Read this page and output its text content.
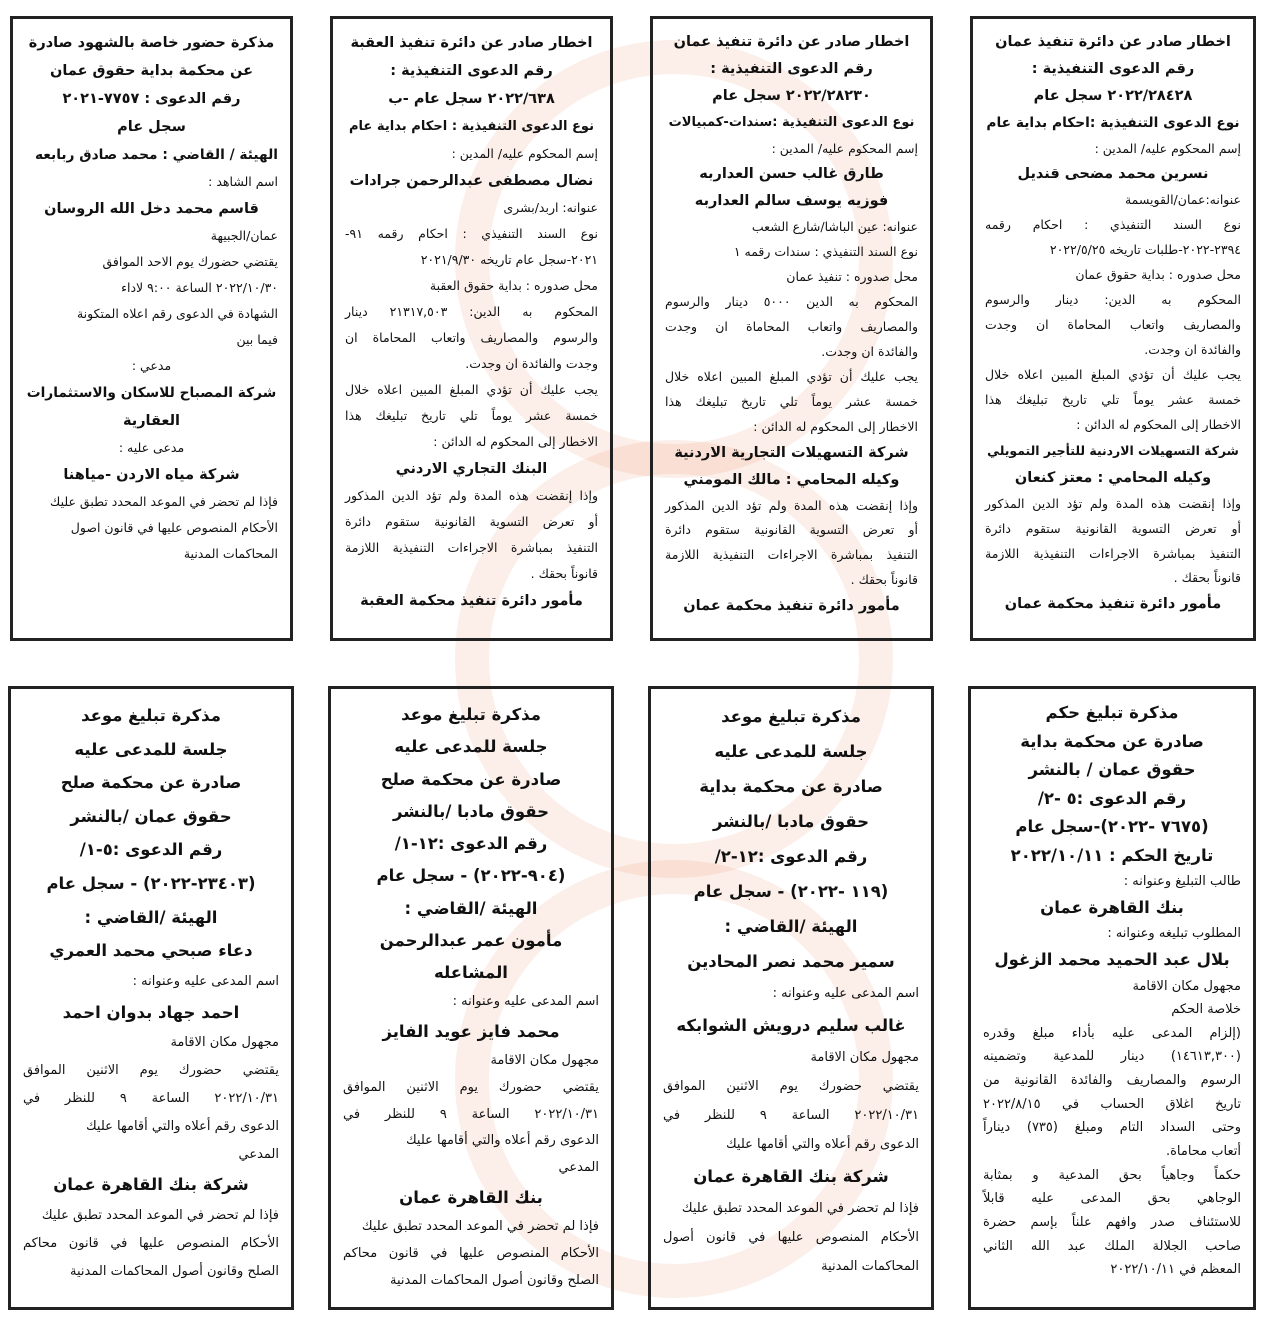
اخطار صادر عن دائرة تنفيذ عمان

رقم الدعوى التنفيذية :

٢٠٢٢/٢٨٤٢٨ سجل عام

نوع الدعوى التنفيذية :احكام بداية عام

إسم المحكوم عليه/ المدين :

نسرين محمد مضحى قنديل

عنوانه:عمان/القويسمة

نوع السند التنفيذي : احكام رقمه

٢٣٩٤-٢٠٢٢-طلبات تاريخه ٢٠٢٢/٥/٢٥

محل صدوره : بداية حقوق عمان

المحكوم به الدين: دينار والرسوم

والمصاريف واتعاب المحاماة ان وجدت

والفائدة ان وجدت.

يجب عليك أن تؤدي المبلغ المبين اعلاه خلال

خمسة عشر يوماً تلي تاريخ تبليغك هذا

الاخطار إلى المحكوم له الدائن :

شركة التسهيلات الاردنية للتأجير التمويلي

وكيله المحامي : معتز كنعان

وإذا إنقضت هذه المدة ولم تؤد الدين المذكور

أو تعرض التسوية القانونية ستقوم دائرة

التنفيذ بمباشرة الاجراءات التنفيذية اللازمة

قانوناً بحقك .

مأمور دائرة تنفيذ محكمة عمان

اخطار صادر عن دائرة تنفيذ عمان

رقم الدعوى التنفيذية :

٢٠٢٢/٢٨٢٣٠ سجل عام

نوع الدعوى التنفيذية :سندات-كمبيالات

إسم المحكوم عليه/ المدين :

طارق غالب حسن العداربه

فوزيه يوسف سالم العداربه

عنوانه: عين الباشا/شارع الشعب

نوع السند التنفيذي : سندات رقمه ١

محل صدوره : تنفيذ عمان

المحكوم به الدين ٥٠٠٠ دينار والرسوم

والمصاريف واتعاب المحاماة ان وجدت

والفائدة ان وجدت.

يجب عليك أن تؤدي المبلغ المبين اعلاه خلال

خمسة عشر يوماً تلي تاريخ تبليغك هذا

الاخطار إلى المحكوم له الدائن :

شركة التسهيلات التجارية الاردنية

وكيله المحامي : مالك المومني

وإذا إنقضت هذه المدة ولم تؤد الدين المذكور

أو تعرض التسوية القانونية ستقوم دائرة

التنفيذ بمباشرة الاجراءات التنفيذية اللازمة

قانوناً بحقك .

مأمور دائرة تنفيذ محكمة عمان

اخطار صادر عن دائرة تنفيذ العقبة

رقم الدعوى التنفيذية :

٢٠٢٢/٦٣٨ سجل عام -ب

نوع الدعوى التنفيذية : احكام بداية عام

إسم المحكوم عليه/ المدين :

نضال مصطفى عبدالرحمن جرادات

عنوانه: اربد/بشرى

نوع السند التنفيذي : احكام رقمه ٩١-

٢٠٢١-سجل عام تاريخه ٢٠٢١/٩/٣٠

محل صدوره : بداية حقوق العقبة

المحكوم به الدين: ٢١٣١٧,٥٠٣ دينار

والرسوم والمصاريف واتعاب المحاماة ان

وجدت والفائدة ان وجدت.

يجب عليك أن تؤدي المبلغ المبين اعلاه خلال

خمسة عشر يوماً تلي تاريخ تبليغك هذا

الاخطار إلى المحكوم له الدائن :

البنك التجاري الاردني

وإذا إنقضت هذه المدة ولم تؤد الدين المذكور

أو تعرض التسوية القانونية ستقوم دائرة

التنفيذ بمباشرة الاجراءات التنفيذية اللازمة

قانوناً بحقك .

مأمور دائرة تنفيذ محكمة العقبة

مذكرة حضور خاصة بالشهود صادرة

عن محكمة بداية حقوق عمان

رقم الدعوى : ٧٧٥٧-٢٠٢١

سجل عام

الهيئة / القاضي : محمد صادق ربابعه

اسم الشاهد :

قاسم محمد دخل الله الروسان

عمان/الجبيهة

يقتضي حضورك يوم الاحد الموافق

٢٠٢٢/١٠/٣٠ الساعة ٩:٠٠ لاداء

الشهادة في الدعوى رقم اعلاه المتكونة

فيما بين

مدعي :

شركة المصباح للاسكان والاستثمارات

العقارية

مدعى عليه :

شركة مياه الاردن -مياهنا

فإذا لم تحضر في الموعد المحدد تطبق عليك

الأحكام المنصوص عليها في قانون اصول

المحاكمات المدنية

مذكرة تبليغ حكم

صادرة عن محكمة بداية

حقوق عمان / بالنشر

رقم الدعوى :٥ -٢/

(٧٦٧٥ -٢٠٢٢)-سجل عام

تاريخ الحكم : ٢٠٢٢/١٠/١١

طالب التبليغ وعنوانه :

بنك القاهرة عمان

المطلوب تبليغه وعنوانه :

بلال عبد الحميد محمد الزغول

مجهول مكان الاقامة

خلاصة الحكم

(إلزام المدعى عليه بأداء مبلغ وقدره

(١٤٦١٣,٣٠٠) دينار للمدعية وتضمينه

الرسوم والمصاريف والفائدة القانونية من

تاريخ اغلاق الحساب في ٢٠٢٢/٨/١٥

وحتى السداد التام ومبلغ (٧٣٥) ديناراً

أتعاب محاماة.

حكماً وجاهياً بحق المدعية و بمثابة

الوجاهي بحق المدعى عليه قابلاً

للاستئناف صدر وافهم علناً بإسم حضرة

صاحب الجلالة الملك عبد الله الثاني

المعظم في ٢٠٢٢/١٠/١١

مذكرة تبليغ موعد

جلسة للمدعى عليه

صادرة عن محكمة بداية

حقوق مادبا /بالنشر

رقم الدعوى :١٢-٢/

(١١٩ -٢٠٢٢) - سجل عام

الهيئة /القاضي :

سمير محمد نصر المحادين

اسم المدعى عليه وعنوانه :

غالب سليم درويش الشوابكه

مجهول مكان الاقامة

يقتضي حضورك يوم الاثنين الموافق

٢٠٢٢/١٠/٣١ الساعة ٩ للنظر في

الدعوى رقم أعلاه والتي أقامها عليك

شركة بنك القاهرة عمان

فإذا لم تحضر في الموعد المحدد تطبق عليك

الأحكام المنصوص عليها في قانون أصول

المحاكمات المدنية

مذكرة تبليغ موعد

جلسة للمدعى عليه

صادرة عن محكمة صلح

حقوق مادبا /بالنشر

رقم الدعوى :١٢-١/

(٩٠٤-٢٠٢٢) - سجل عام

الهيئة /القاضي :

مأمون عمر عبدالرحمن

المشاعله

اسم المدعى عليه وعنوانه :

محمد فايز عويد الفايز

مجهول مكان الاقامة

يقتضي حضورك يوم الاثنين الموافق

٢٠٢٢/١٠/٣١ الساعة ٩ للنظر في

الدعوى رقم أعلاه والتي أقامها عليك

المدعي

بنك القاهرة عمان

فإذا لم تحضر في الموعد المحدد تطبق عليك

الأحكام المنصوص عليها في قانون محاكم

الصلح وقانون أصول المحاكمات المدنية

مذكرة تبليغ موعد

جلسة للمدعى عليه

صادرة عن محكمة صلح

حقوق عمان /بالنشر

رقم الدعوى :٥-١/

(٢٣٤٠٣-٢٠٢٢) - سجل عام

الهيئة /القاضي :

دعاء صبحي محمد العمري

اسم المدعى عليه وعنوانه :

احمد جهاد بدوان احمد

مجهول مكان الاقامة

يقتضي حضورك يوم الاثنين الموافق

٢٠٢٢/١٠/٣١ الساعة ٩ للنظر في

الدعوى رقم أعلاه والتي أقامها عليك

المدعي

شركة بنك القاهرة عمان

فإذا لم تحضر في الموعد المحدد تطبق عليك

الأحكام المنصوص عليها في قانون محاكم

الصلح وقانون أصول المحاكمات المدنية
